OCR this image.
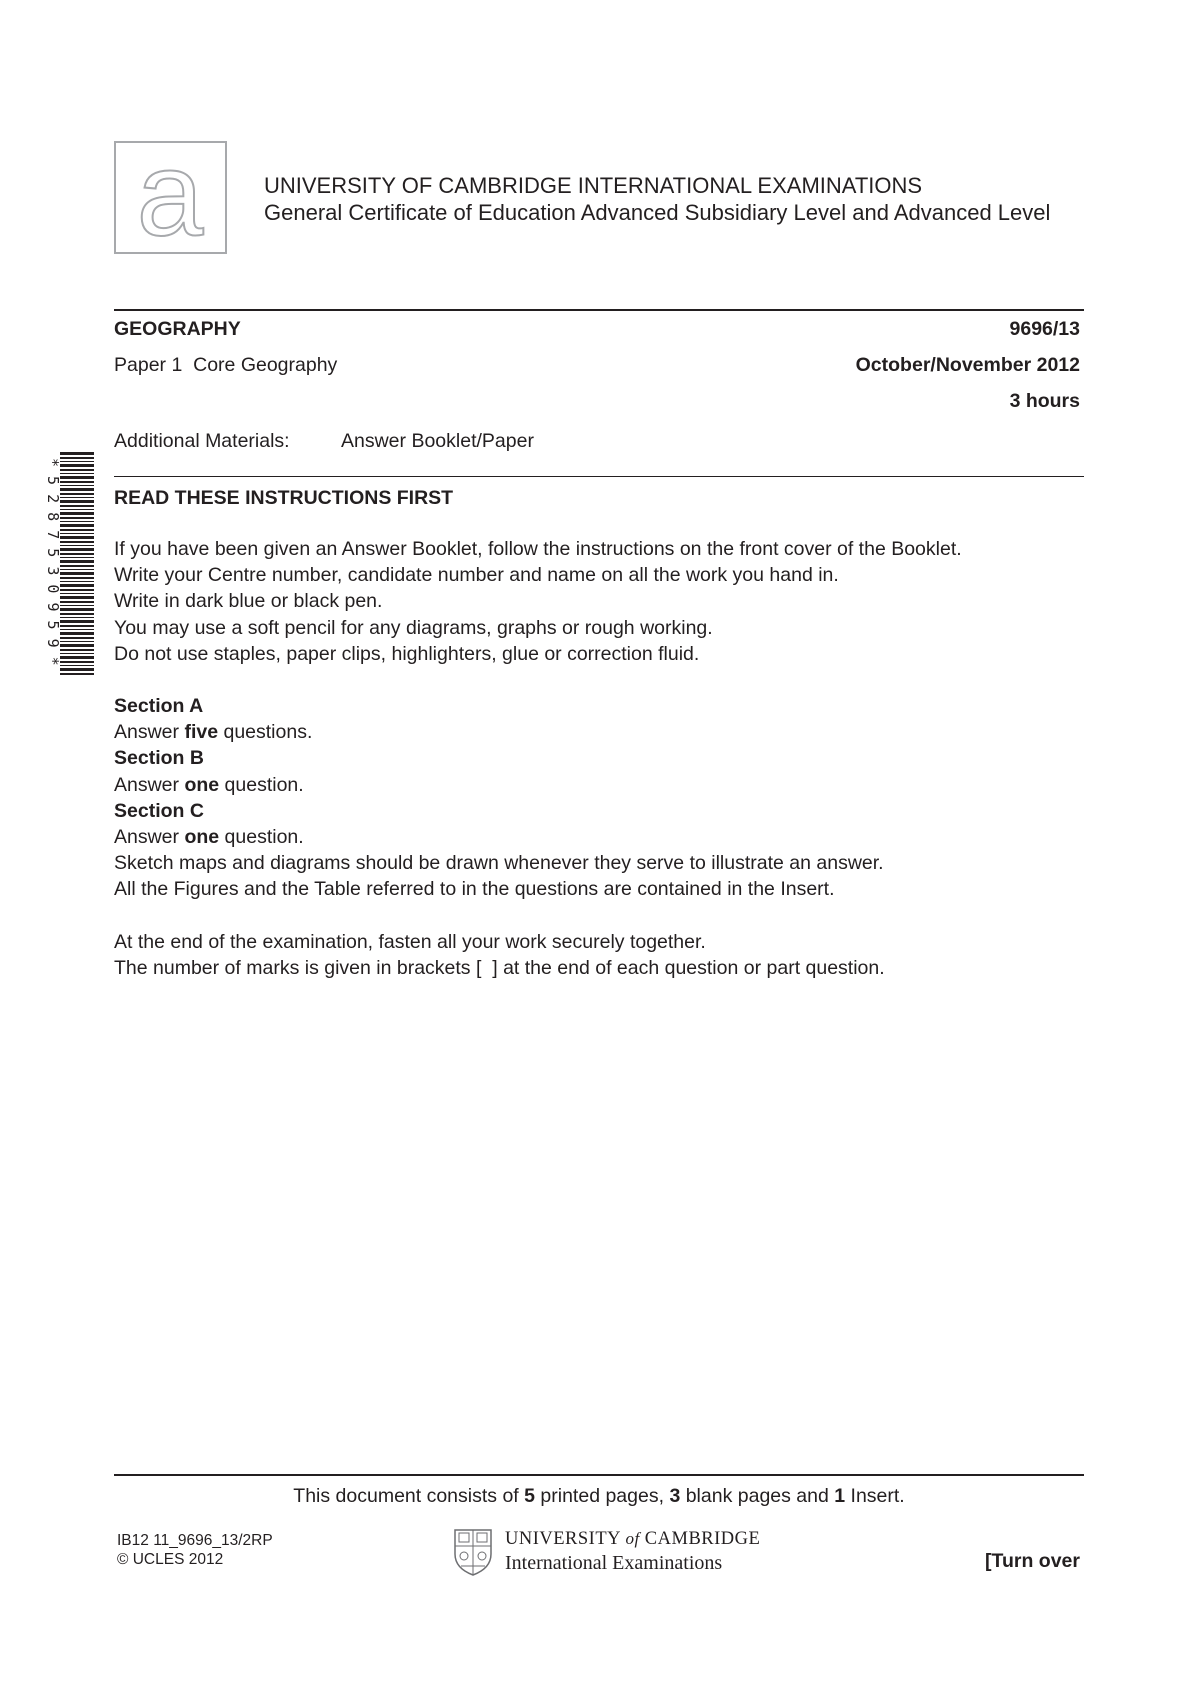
a	UNIVERSITY OF CAMBRIDGE INTERNATIONAL EXAMINATIONS
General Certificate of Education Advanced Subsidiary Level and Advanced Level
GEOGRAPHY	9696/13
Paper 1  Core Geography	October/November 2012
3 hours
Additional Materials:	Answer Booklet/Paper
* 5 2 8 7 5 3 0 9 5 9 *	READ THESE INSTRUCTIONS FIRST
If you have been given an Answer Booklet, follow the instructions on the front cover of the Booklet.
Write your Centre number, candidate number and name on all the work you hand in.
Write in dark blue or black pen.
You may use a soft pencil for any diagrams, graphs or rough working.
Do not use staples, paper clips, highlighters, glue or correction fluid.
Section A
Answer five questions.
Section B
Answer one question.
Section C
Answer one question.
Sketch maps and diagrams should be drawn whenever they serve to illustrate an answer.
All the Figures and the Table referred to in the questions are contained in the Insert.
At the end of the examination, fasten all your work securely together.
The number of marks is given in brackets [  ] at the end of each question or part question.
This document consists of 5 printed pages, 3 blank pages and 1 Insert.
IB12 11_9696_13/2RP
© UCLES 2012
UNIVERSITY of CAMBRIDGE
International Examinations	[Turn over
